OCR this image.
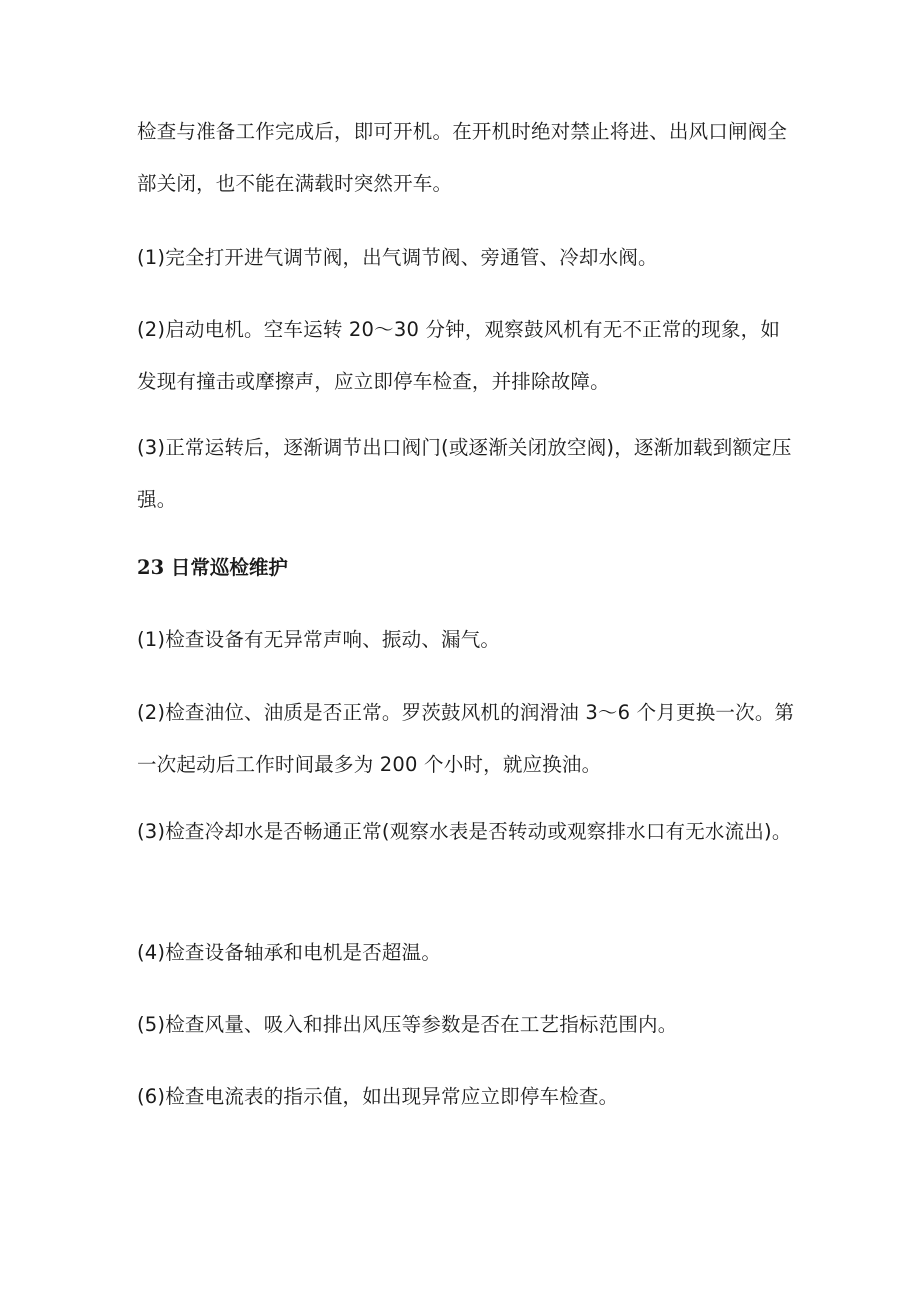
检查与准备工作完成后，即可开机。在开机时绝对禁止将进、出风口闸阀全部关闭，也不能在满载时突然开车。

(1)完全打开进气调节阀，出气调节阀、旁通管、冷却水阀。

(2)启动电机。空车运转 20～30 分钟，观察鼓风机有无不正常的现象，如发现有撞击或摩擦声，应立即停车检查，并排除故障。

(3)正常运转后，逐渐调节出口阀门(或逐渐关闭放空阀)，逐渐加载到额定压强。

23 日常巡检维护

(1)检查设备有无异常声响、振动、漏气。

(2)检查油位、油质是否正常。罗茨鼓风机的润滑油 3～6 个月更换一次。第一次起动后工作时间最多为 200 个小时，就应换油。

(3)检查冷却水是否畅通正常(观察水表是否转动或观察排水口有无水流出)。

(4)检查设备轴承和电机是否超温。

(5)检查风量、吸入和排出风压等参数是否在工艺指标范围内。

(6)检查电流表的指示值，如出现异常应立即停车检查。
